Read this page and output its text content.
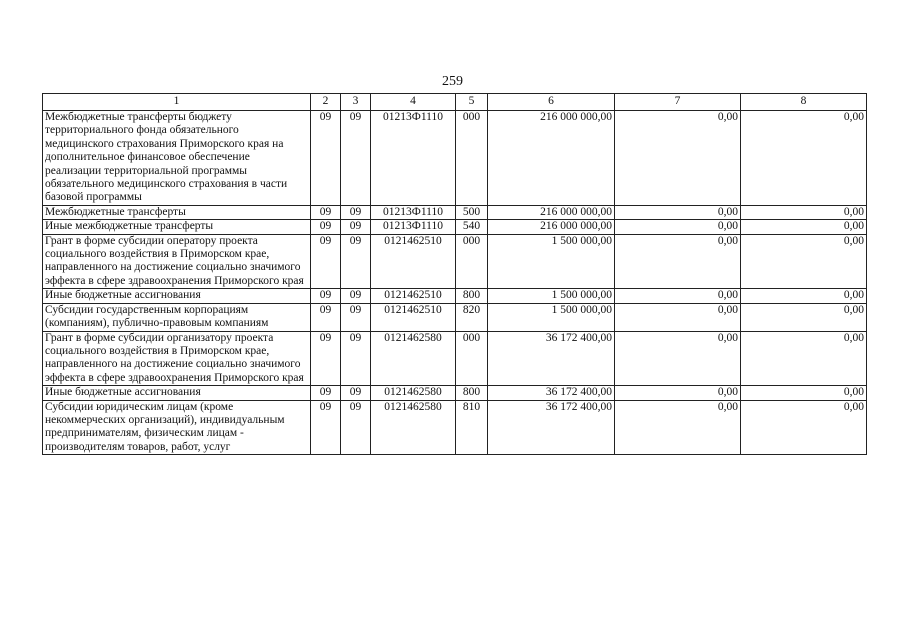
259
1	2	3	4	5	6	7	8
Межбюджетные трансферты бюджету территориального фонда обязательного медицинского страхования Приморского края на дополнительное финансовое обеспечение реализации территориальной программы обязательного медицинского страхования в части базовой программы	09	09	01213Ф1110	000	216 000 000,00	0,00	0,00
Межбюджетные трансферты	09	09	01213Ф1110	500	216 000 000,00	0,00	0,00
Иные межбюджетные трансферты	09	09	01213Ф1110	540	216 000 000,00	0,00	0,00
Грант в форме субсидии оператору проекта социального воздействия в Приморском крае, направленного на достижение социально значимого эффекта в сфере здравоохранения Приморского края	09	09	0121462510	000	1 500 000,00	0,00	0,00
Иные бюджетные ассигнования	09	09	0121462510	800	1 500 000,00	0,00	0,00
Субсидии государственным корпорациям (компаниям), публично-правовым компаниям	09	09	0121462510	820	1 500 000,00	0,00	0,00
Грант в форме субсидии организатору проекта социального воздействия в Приморском крае, направленного на достижение социально значимого эффекта в сфере здравоохранения Приморского края	09	09	0121462580	000	36 172 400,00	0,00	0,00
Иные бюджетные ассигнования	09	09	0121462580	800	36 172 400,00	0,00	0,00
Субсидии юридическим лицам (кроме некоммерческих организаций), индивидуальным предпринимателям, физическим лицам - производителям товаров, работ, услуг	09	09	0121462580	810	36 172 400,00	0,00	0,00
